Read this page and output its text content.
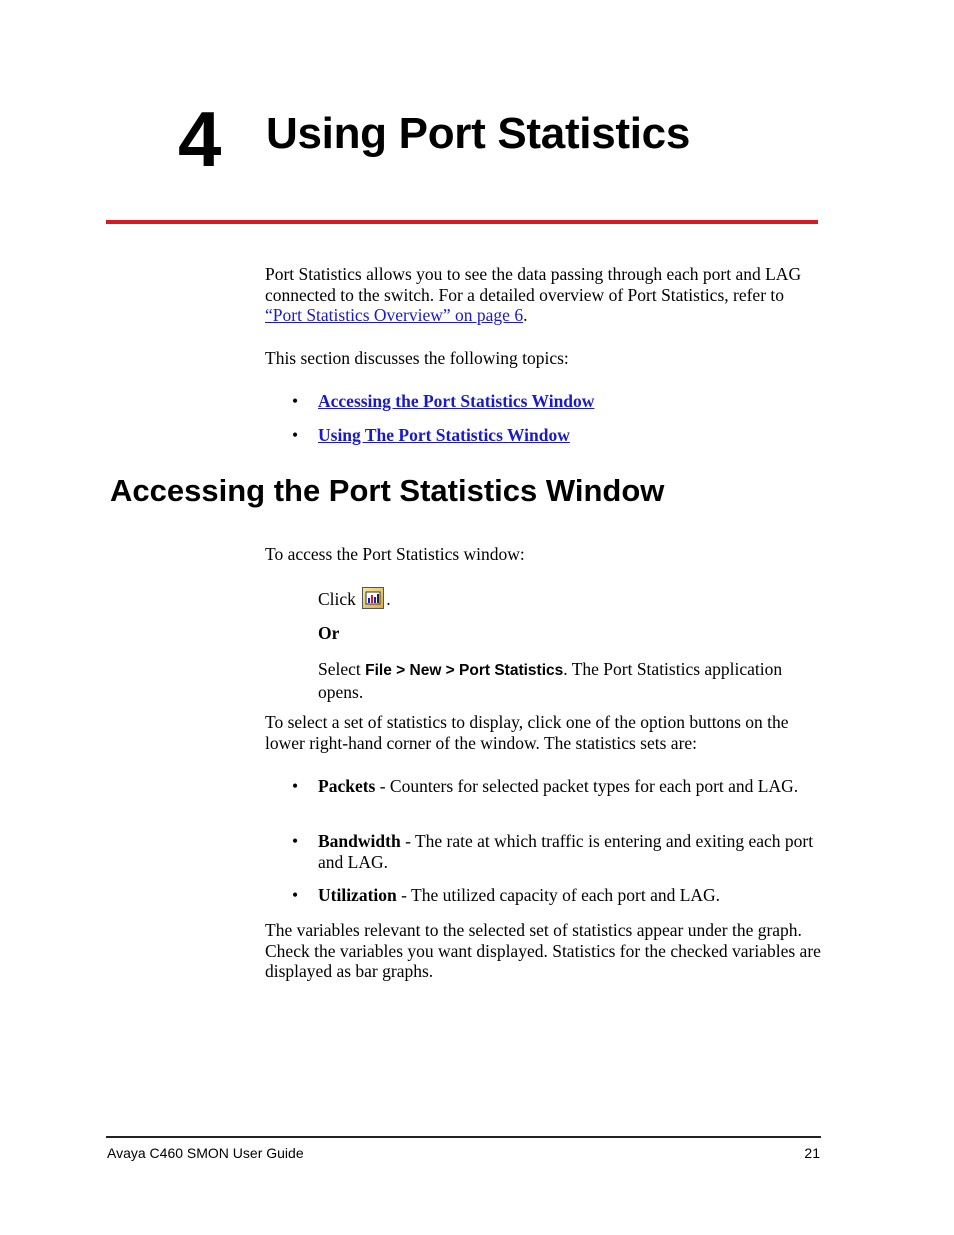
4 Using Port Statistics
Port Statistics allows you to see the data passing through each port and LAG connected to the switch. For a detailed overview of Port Statistics, refer to “Port Statistics Overview” on page 6.
This section discusses the following topics:
• Accessing the Port Statistics Window
• Using The Port Statistics Window
Accessing the Port Statistics Window
To access the Port Statistics window:
Click .
Or
Select File > New > Port Statistics. The Port Statistics application opens.
To select a set of statistics to display, click one of the option buttons on the lower right-hand corner of the window. The statistics sets are:
• Packets - Counters for selected packet types for each port and LAG.
• Bandwidth - The rate at which traffic is entering and exiting each port and LAG.
• Utilization - The utilized capacity of each port and LAG.
The variables relevant to the selected set of statistics appear under the graph. Check the variables you want displayed. Statistics for the checked variables are displayed as bar graphs.
Avaya C460 SMON User Guide	21
